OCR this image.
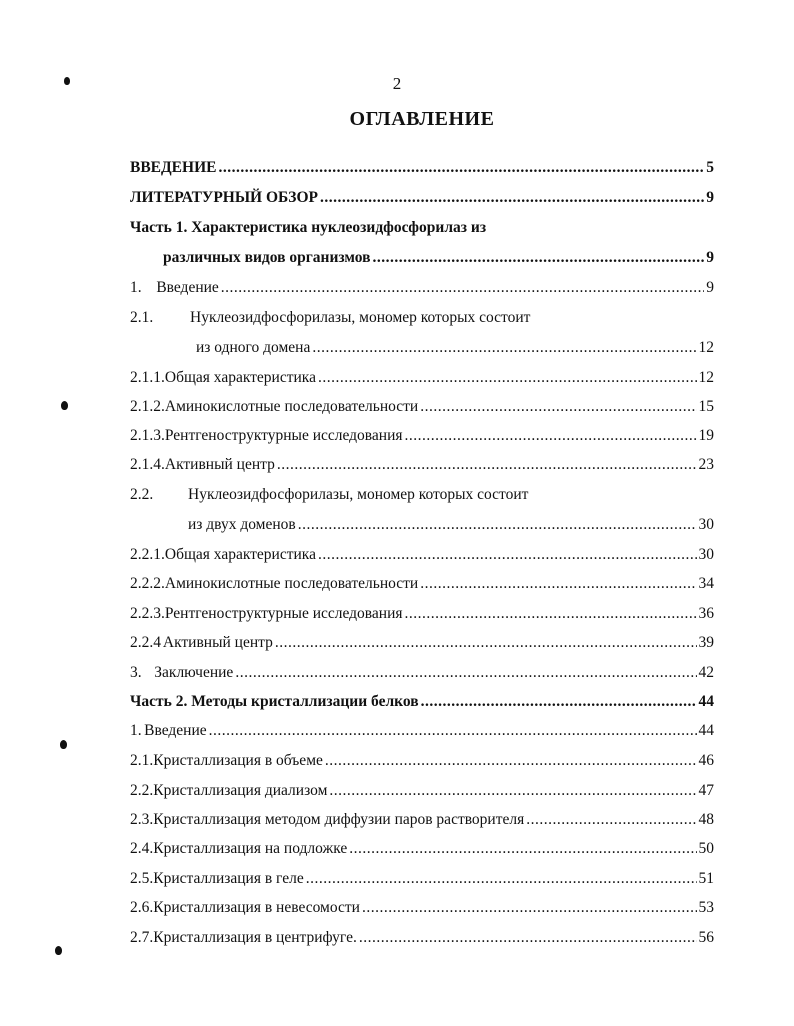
2
ОГЛАВЛЕНИЕ
ВВЕДЕНИЕ .....	5
ЛИТЕРАТУРНЫЙ ОБЗОР .....	9
Часть 1. Характеристика нуклеозидфосфорилаз из
различных видов организмов .....	9
1. Введение .....	9
2.1.	Нуклеозидфосфорилазы, мономер которых состоит
из одного домена .....	12
2.1.1. Общая характеристика .....	12
2.1.2. Аминокислотные последовательности .....	15
2.1.3. Рентгеноструктурные исследования .....	19
2.1.4. Активный центр .....	23
2.2.	Нуклеозидфосфорилазы, мономер которых состоит
из двух доменов .....	30
2.2.1. Общая характеристика .....	30
2.2.2. Аминокислотные последовательности .....	34
2.2.3. Рентгеноструктурные исследования .....	36
2.2.4 Активный центр .....	39
3. Заключение .....	42
Часть 2. Методы кристаллизации белков .....	44
1. Введение .....	44
2.1. Кристаллизация в объеме .....	46
2.2. Кристаллизация диализом .....	47
2.3. Кристаллизация методом диффузии паров растворителя .....	48
2.4. Кристаллизация на подложке .....	50
2.5. Кристаллизация в геле .....	51
2.6. Кристаллизация в невесомости .....	53
2.7. Кристаллизация в центрифуге. .....	56
